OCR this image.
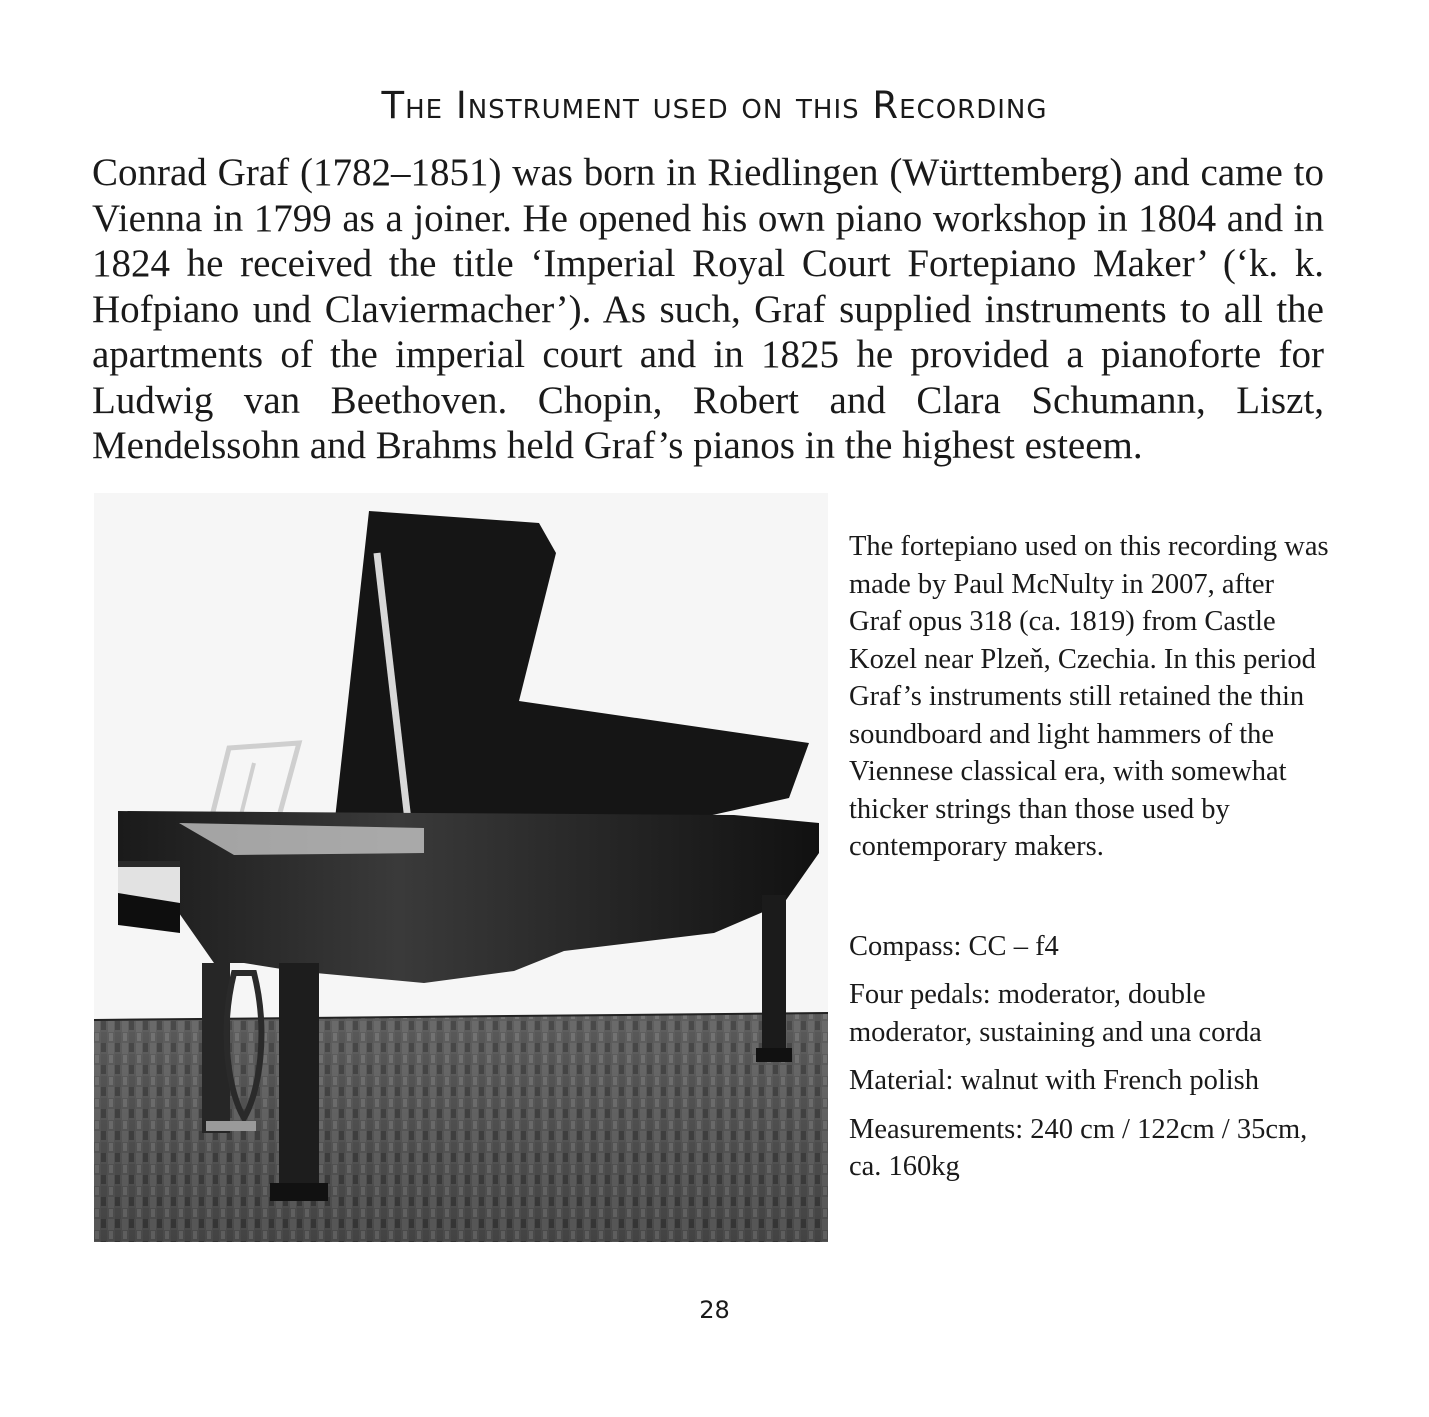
The Instrument used on this Recording

Conrad Graf (1782–1851) was born in Riedlingen (Württemberg) and came to Vienna in 1799 as a joiner. He opened his own piano workshop in 1804 and in 1824 he received the title ‘Imperial Royal Court Fortepiano Maker’ (‘k. k. Hofpiano und Claviermacher’). As such, Graf supplied instruments to all the apartments of the imperial court and in 1825 he provided a pianoforte for Ludwig van Beethoven. Chopin, Robert and Clara Schumann, Liszt, Mendelssohn and Brahms held Graf’s pianos in the highest esteem.

The fortepiano used on this recording was made by Paul McNulty in 2007, after Graf opus 318 (ca. 1819) from Castle Kozel near Plzeň, Czechia. In this period Graf’s instruments still retained the thin soundboard and light hammers of the Viennese classical era, with somewhat thicker strings than those used by contemporary makers.

Compass: CC – f4

Four pedals: moderator, double moderator, sustaining and una corda

Material: walnut with French polish

Measurements: 240 cm / 122cm / 35cm, ca. 160kg

28
